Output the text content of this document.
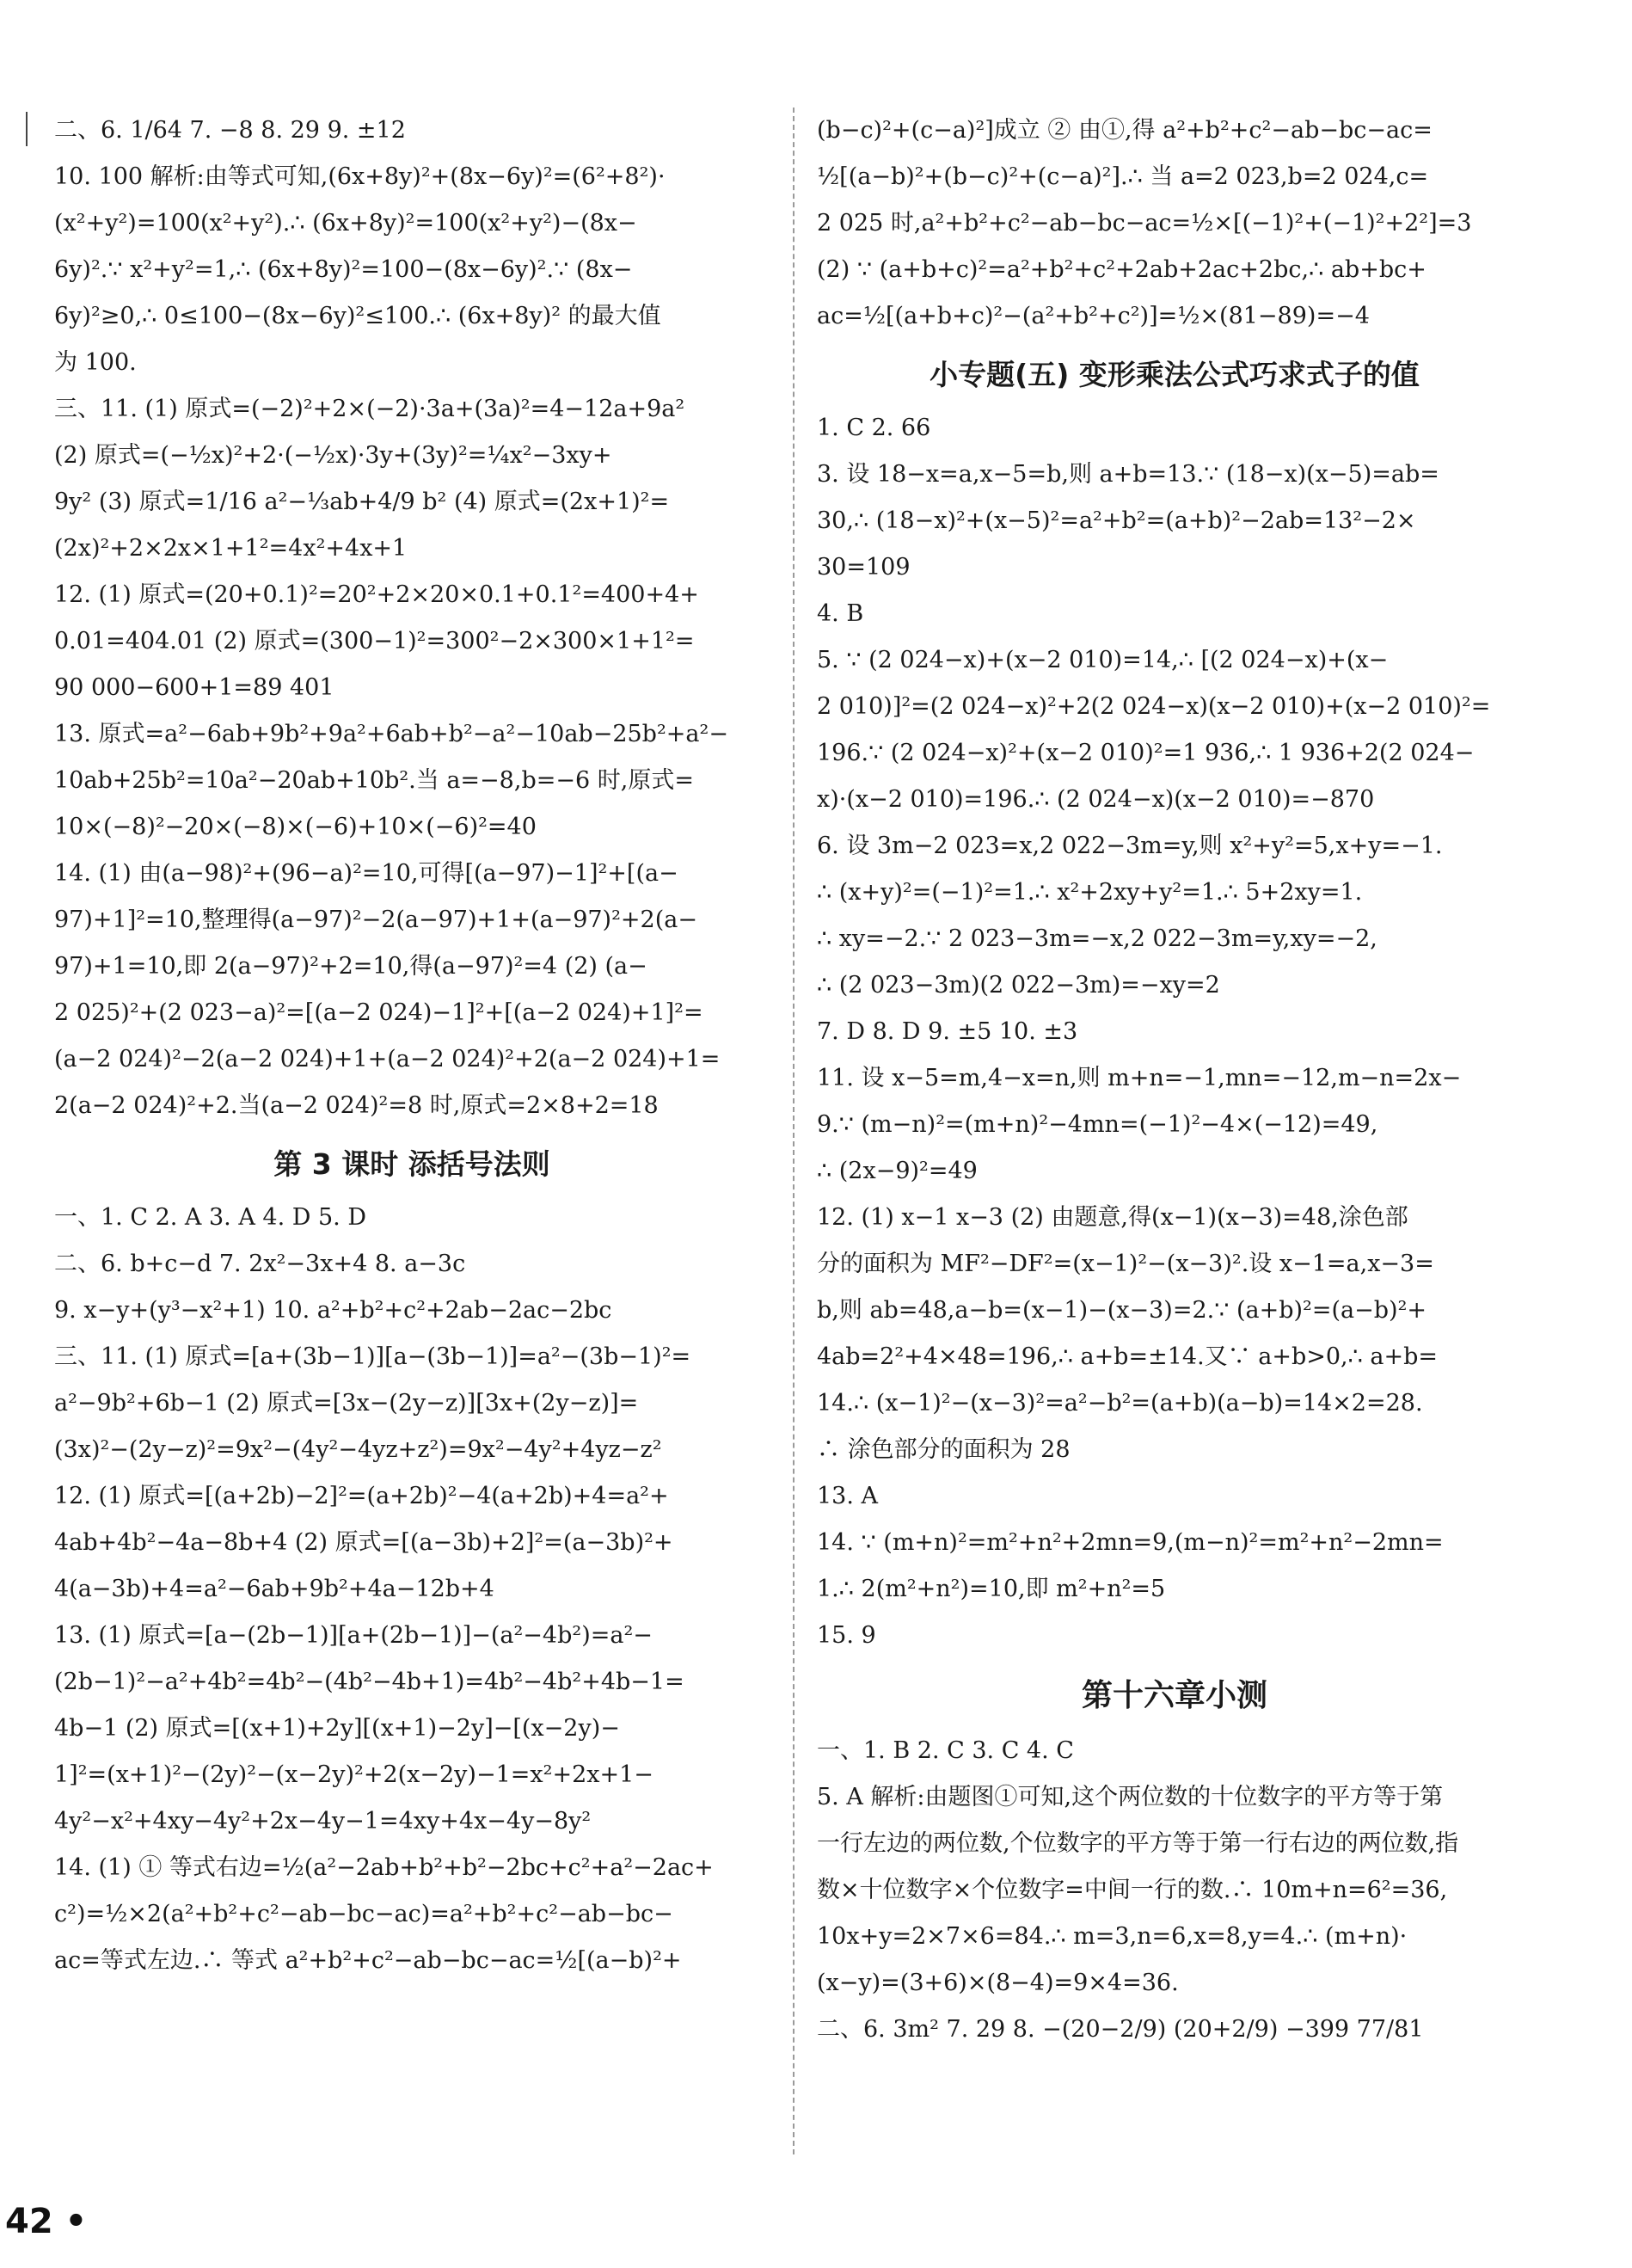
二、6. 1/64 7. −8 8. 29 9. ±12
10. 100 解析:由等式可知,(6x+8y)²+(8x−6y)²=(6²+8²)·
(x²+y²)=100(x²+y²).∴ (6x+8y)²=100(x²+y²)−(8x−
6y)².∵ x²+y²=1,∴ (6x+8y)²=100−(8x−6y)².∵ (8x−
6y)²≥0,∴ 0≤100−(8x−6y)²≤100.∴ (6x+8y)² 的最大值
为 100.
三、11. (1) 原式=(−2)²+2×(−2)·3a+(3a)²=4−12a+9a²
(2) 原式=(−½x)²+2·(−½x)·3y+(3y)²=¼x²−3xy+
9y² (3) 原式=1/16 a²−⅓ab+4/9 b² (4) 原式=(2x+1)²=
(2x)²+2×2x×1+1²=4x²+4x+1
12. (1) 原式=(20+0.1)²=20²+2×20×0.1+0.1²=400+4+
0.01=404.01 (2) 原式=(300−1)²=300²−2×300×1+1²=
90 000−600+1=89 401
13. 原式=a²−6ab+9b²+9a²+6ab+b²−a²−10ab−25b²+a²−
10ab+25b²=10a²−20ab+10b².当 a=−8,b=−6 时,原式=
10×(−8)²−20×(−8)×(−6)+10×(−6)²=40
14. (1) 由(a−98)²+(96−a)²=10,可得[(a−97)−1]²+[(a−
97)+1]²=10,整理得(a−97)²−2(a−97)+1+(a−97)²+2(a−
97)+1=10,即 2(a−97)²+2=10,得(a−97)²=4 (2) (a−
2 025)²+(2 023−a)²=[(a−2 024)−1]²+[(a−2 024)+1]²=
(a−2 024)²−2(a−2 024)+1+(a−2 024)²+2(a−2 024)+1=
2(a−2 024)²+2.当(a−2 024)²=8 时,原式=2×8+2=18
第 3 课时 添括号法则
一、1. C 2. A 3. A 4. D 5. D
二、6. b+c−d 7. 2x²−3x+4 8. a−3c
9. x−y+(y³−x²+1) 10. a²+b²+c²+2ab−2ac−2bc
三、11. (1) 原式=[a+(3b−1)][a−(3b−1)]=a²−(3b−1)²=
a²−9b²+6b−1 (2) 原式=[3x−(2y−z)][3x+(2y−z)]=
(3x)²−(2y−z)²=9x²−(4y²−4yz+z²)=9x²−4y²+4yz−z²
12. (1) 原式=[(a+2b)−2]²=(a+2b)²−4(a+2b)+4=a²+
4ab+4b²−4a−8b+4 (2) 原式=[(a−3b)+2]²=(a−3b)²+
4(a−3b)+4=a²−6ab+9b²+4a−12b+4
13. (1) 原式=[a−(2b−1)][a+(2b−1)]−(a²−4b²)=a²−
(2b−1)²−a²+4b²=4b²−(4b²−4b+1)=4b²−4b²+4b−1=
4b−1 (2) 原式=[(x+1)+2y][(x+1)−2y]−[(x−2y)−
1]²=(x+1)²−(2y)²−(x−2y)²+2(x−2y)−1=x²+2x+1−
4y²−x²+4xy−4y²+2x−4y−1=4xy+4x−4y−8y²
14. (1) ① 等式右边=½(a²−2ab+b²+b²−2bc+c²+a²−2ac+
c²)=½×2(a²+b²+c²−ab−bc−ac)=a²+b²+c²−ab−bc−
ac=等式左边.∴ 等式 a²+b²+c²−ab−bc−ac=½[(a−b)²+
(b−c)²+(c−a)²]成立 ② 由①,得 a²+b²+c²−ab−bc−ac=
½[(a−b)²+(b−c)²+(c−a)²].∴ 当 a=2 023,b=2 024,c=
2 025 时,a²+b²+c²−ab−bc−ac=½×[(−1)²+(−1)²+2²]=3
(2) ∵ (a+b+c)²=a²+b²+c²+2ab+2ac+2bc,∴ ab+bc+
ac=½[(a+b+c)²−(a²+b²+c²)]=½×(81−89)=−4
小专题(五) 变形乘法公式巧求式子的值
1. C 2. 66
3. 设 18−x=a,x−5=b,则 a+b=13.∵ (18−x)(x−5)=ab=
30,∴ (18−x)²+(x−5)²=a²+b²=(a+b)²−2ab=13²−2×
30=109
4. B
5. ∵ (2 024−x)+(x−2 010)=14,∴ [(2 024−x)+(x−
2 010)]²=(2 024−x)²+2(2 024−x)(x−2 010)+(x−2 010)²=
196.∵ (2 024−x)²+(x−2 010)²=1 936,∴ 1 936+2(2 024−
x)·(x−2 010)=196.∴ (2 024−x)(x−2 010)=−870
6. 设 3m−2 023=x,2 022−3m=y,则 x²+y²=5,x+y=−1.
∴ (x+y)²=(−1)²=1.∴ x²+2xy+y²=1.∴ 5+2xy=1.
∴ xy=−2.∵ 2 023−3m=−x,2 022−3m=y,xy=−2,
∴ (2 023−3m)(2 022−3m)=−xy=2
7. D 8. D 9. ±5 10. ±3
11. 设 x−5=m,4−x=n,则 m+n=−1,mn=−12,m−n=2x−
9.∵ (m−n)²=(m+n)²−4mn=(−1)²−4×(−12)=49,
∴ (2x−9)²=49
12. (1) x−1 x−3 (2) 由题意,得(x−1)(x−3)=48,涂色部
分的面积为 MF²−DF²=(x−1)²−(x−3)².设 x−1=a,x−3=
b,则 ab=48,a−b=(x−1)−(x−3)=2.∵ (a+b)²=(a−b)²+
4ab=2²+4×48=196,∴ a+b=±14.又∵ a+b>0,∴ a+b=
14.∴ (x−1)²−(x−3)²=a²−b²=(a+b)(a−b)=14×2=28.
∴ 涂色部分的面积为 28
13. A
14. ∵ (m+n)²=m²+n²+2mn=9,(m−n)²=m²+n²−2mn=
1.∴ 2(m²+n²)=10,即 m²+n²=5
15. 9
第十六章小测
一、1. B 2. C 3. C 4. C
5. A 解析:由题图①可知,这个两位数的十位数字的平方等于第
一行左边的两位数,个位数字的平方等于第一行右边的两位数,指
数×十位数字×个位数字=中间一行的数.∴ 10m+n=6²=36,
10x+y=2×7×6=84.∴ m=3,n=6,x=8,y=4.∴ (m+n)·
(x−y)=(3+6)×(8−4)=9×4=36.
二、6. 3m² 7. 29 8. −(20−2/9) (20+2/9) −399 77/81
42 •
